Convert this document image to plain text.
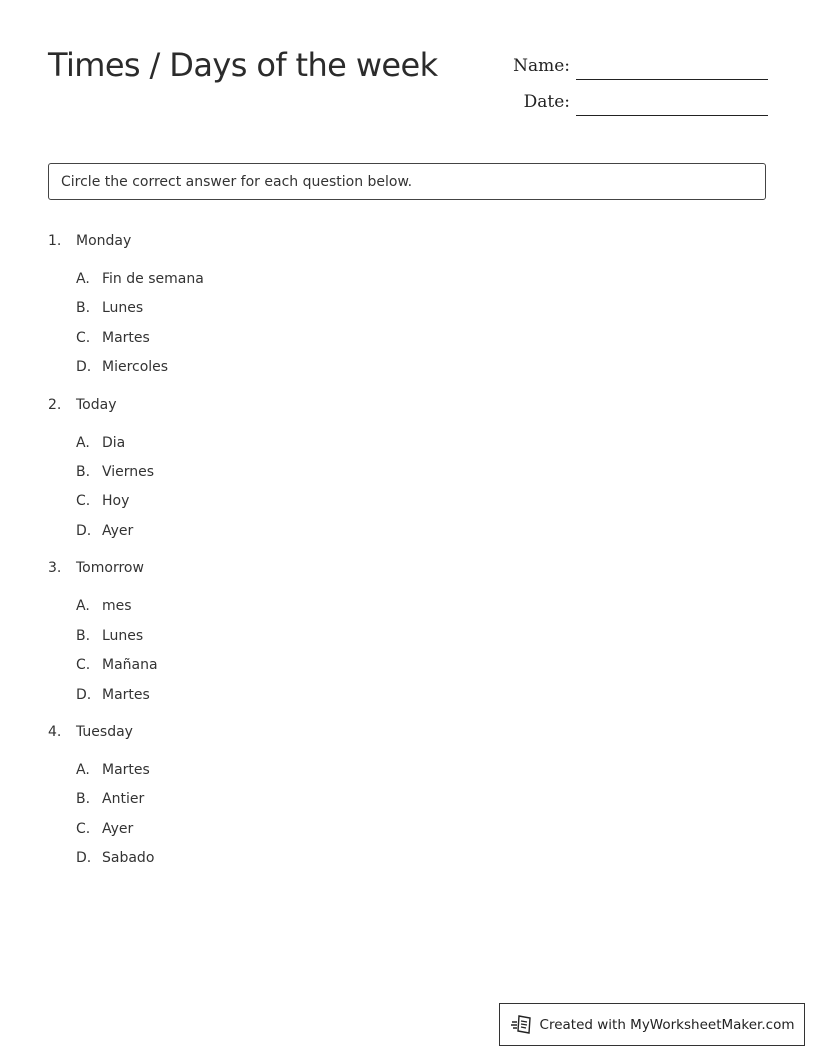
Times / Days of the week	Name:
Date:
Circle the correct answer for each question below.
1.	Monday
A. Fin de semana
B. Lunes
C. Martes
D. Miercoles
2.	Today
A. Dia
B. Viernes
C. Hoy
D. Ayer
3.	Tomorrow
A. mes
B. Lunes
C. Mañana
D. Martes
4.	Tuesday
A. Martes
B. Antier
C. Ayer
D. Sabado
Created with MyWorksheetMaker.com
